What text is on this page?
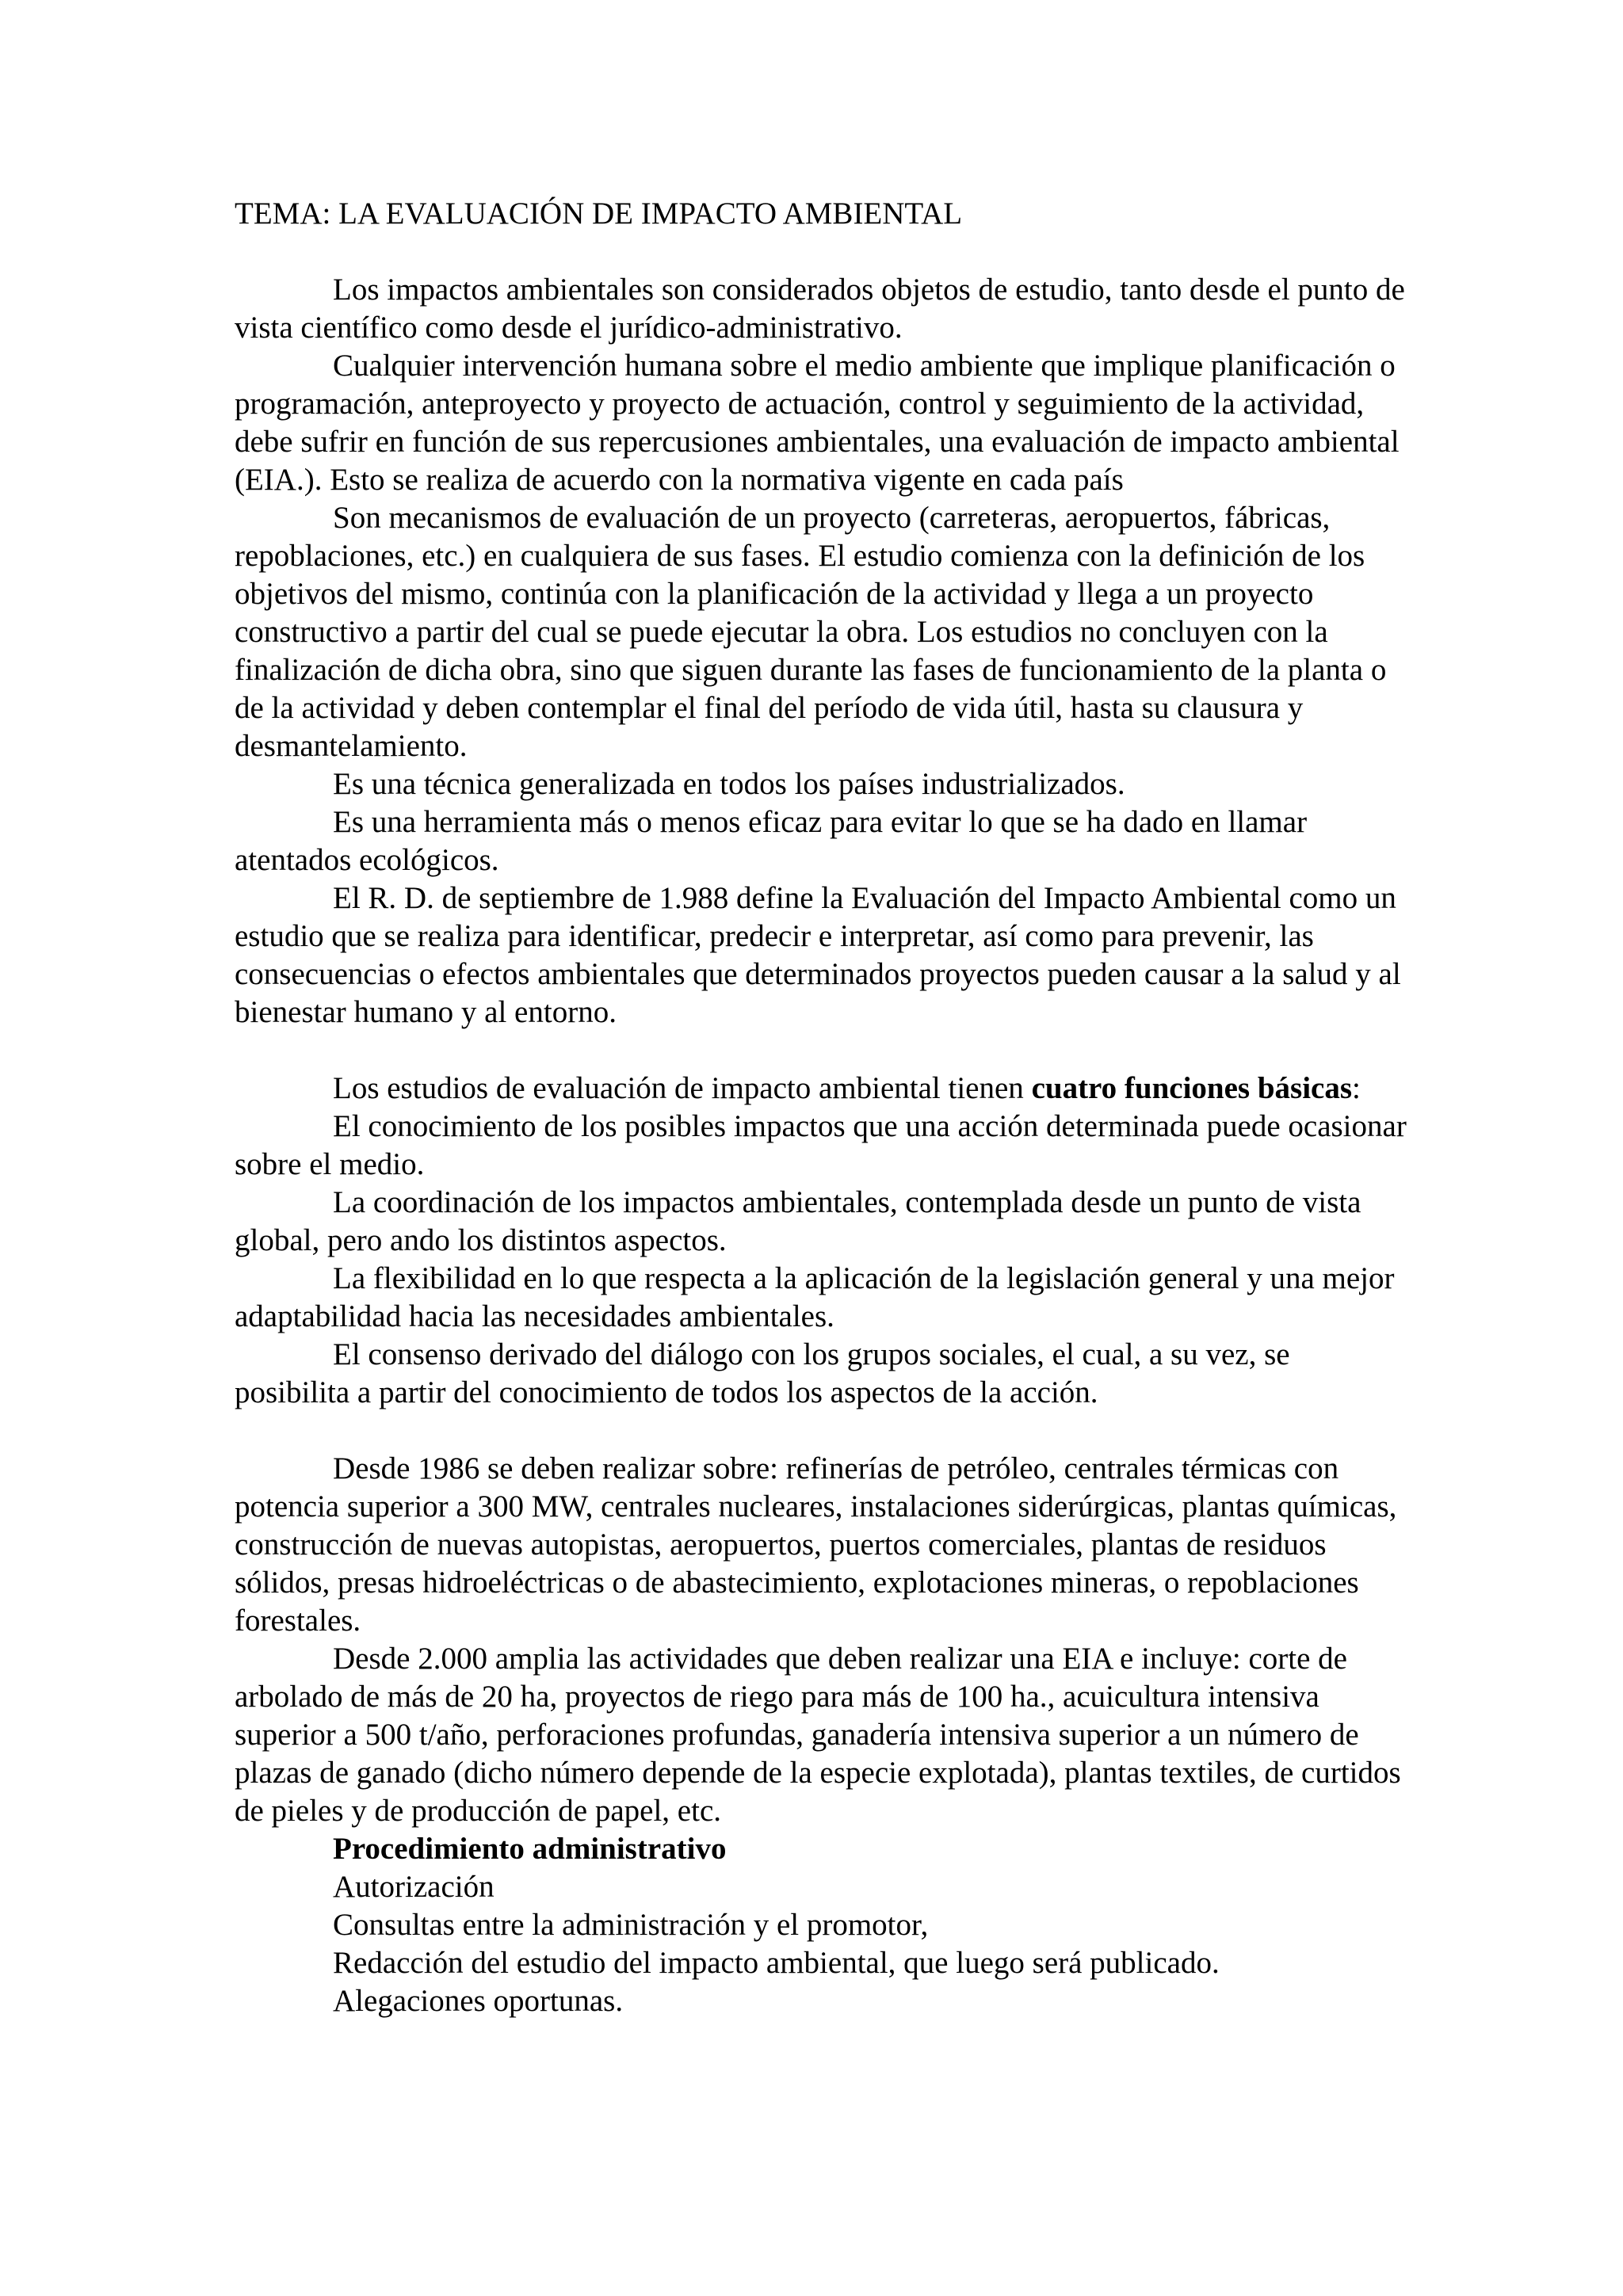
TEMA: LA EVALUACIÓN DE IMPACTO AMBIENTAL

Los impactos ambientales son considerados objetos de estudio, tanto desde el punto de vista científico como desde el jurídico-administrativo.

Cualquier intervención humana sobre el medio ambiente que implique planificación o programación, anteproyecto y proyecto de actuación, control y seguimiento de la actividad, debe sufrir en función de sus repercusiones ambientales, una evaluación de impacto ambiental (EIA.). Esto se realiza de acuerdo con la normativa vigente en cada país

Son mecanismos de evaluación de un proyecto (carreteras, aeropuertos, fábricas, repoblaciones, etc.) en cualquiera de sus fases. El estudio comienza con la definición de los objetivos del mismo, continúa con la planificación de la actividad y llega a un proyecto constructivo a partir del cual se puede ejecutar la obra. Los estudios no concluyen con la finalización de dicha obra, sino que siguen durante las fases de funcionamiento de la planta o de la actividad y deben contemplar el final del período de vida útil, hasta su clausura y desmantelamiento.

Es una técnica generalizada en todos los países industrializados.

Es una herramienta más o menos eficaz para evitar lo que se ha dado en llamar atentados ecológicos.

El R. D. de septiembre de 1.988 define la Evaluación del Impacto Ambiental como un estudio que se realiza para identificar, predecir e interpretar, así como para prevenir, las consecuencias o efectos ambientales que determinados proyectos pueden causar a la salud y al bienestar humano y al entorno.

Los estudios de evaluación de impacto ambiental tienen cuatro funciones básicas:

El conocimiento de los posibles impactos que una acción determinada puede ocasionar sobre el medio.

La coordinación de los impactos ambientales, contemplada desde un punto de vista global, pero ando los distintos aspectos.

La flexibilidad en lo que respecta a la aplicación de la legislación general y una mejor adaptabilidad hacia las necesidades ambientales.

El consenso derivado del diálogo con los grupos sociales, el cual, a su vez, se posibilita a partir del conocimiento de todos los aspectos de la acción.

Desde 1986 se deben realizar sobre: refinerías de petróleo, centrales térmicas con potencia superior a 300 MW, centrales nucleares, instalaciones siderúrgicas, plantas químicas, construcción de nuevas autopistas, aeropuertos, puertos comerciales, plantas de residuos sólidos, presas hidroeléctricas o de abastecimiento, explotaciones mineras, o repoblaciones forestales.

Desde 2.000 amplia las actividades que deben realizar una EIA e incluye: corte de arbolado de más de 20 ha, proyectos de riego para más de 100 ha., acuicultura intensiva superior a 500 t/año, perforaciones profundas, ganadería intensiva superior a un número de plazas de ganado (dicho número depende de la especie explotada), plantas textiles, de curtidos de pieles y de producción de papel, etc.

Procedimiento administrativo
Autorización
Consultas entre la administración y el promotor,
Redacción del estudio del impacto ambiental, que luego será publicado.
Alegaciones oportunas.
